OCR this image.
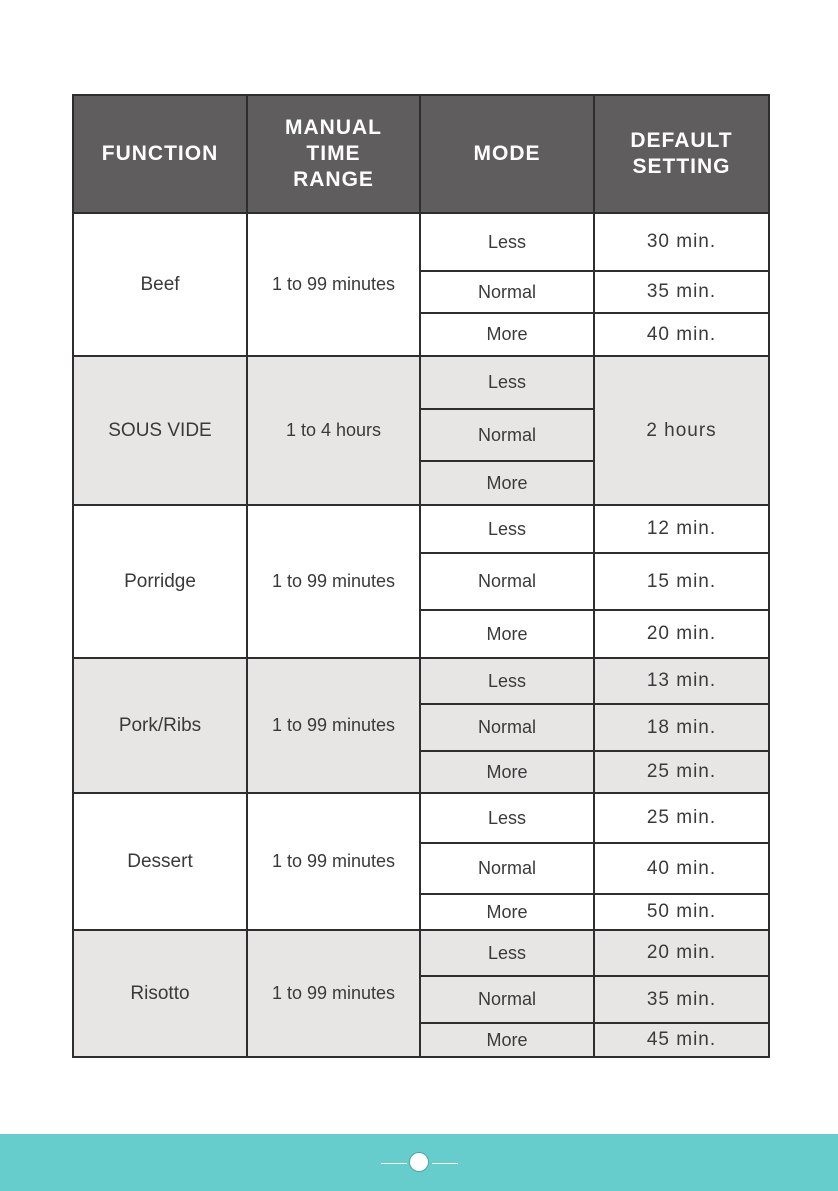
FUNCTION	MANUAL
TIME
RANGE	MODE	DEFAULT
SETTING
Beef	1 to 99 minutes	Less	30 min.
		Normal	35 min.
		More	40 min.
SOUS VIDE	1 to 4 hours	Less	2 hours
		Normal	
		More	
Porridge	1 to 99 minutes	Less	12 min.
		Normal	15 min.
		More	20 min.
Pork/Ribs	1 to 99 minutes	Less	13 min.
		Normal	18 min.
		More	25 min.
Dessert	1 to 99 minutes	Less	25 min.
		Normal	40 min.
		More	50 min.
Risotto	1 to 99 minutes	Less	20 min.
		Normal	35 min.
		More	45 min.
